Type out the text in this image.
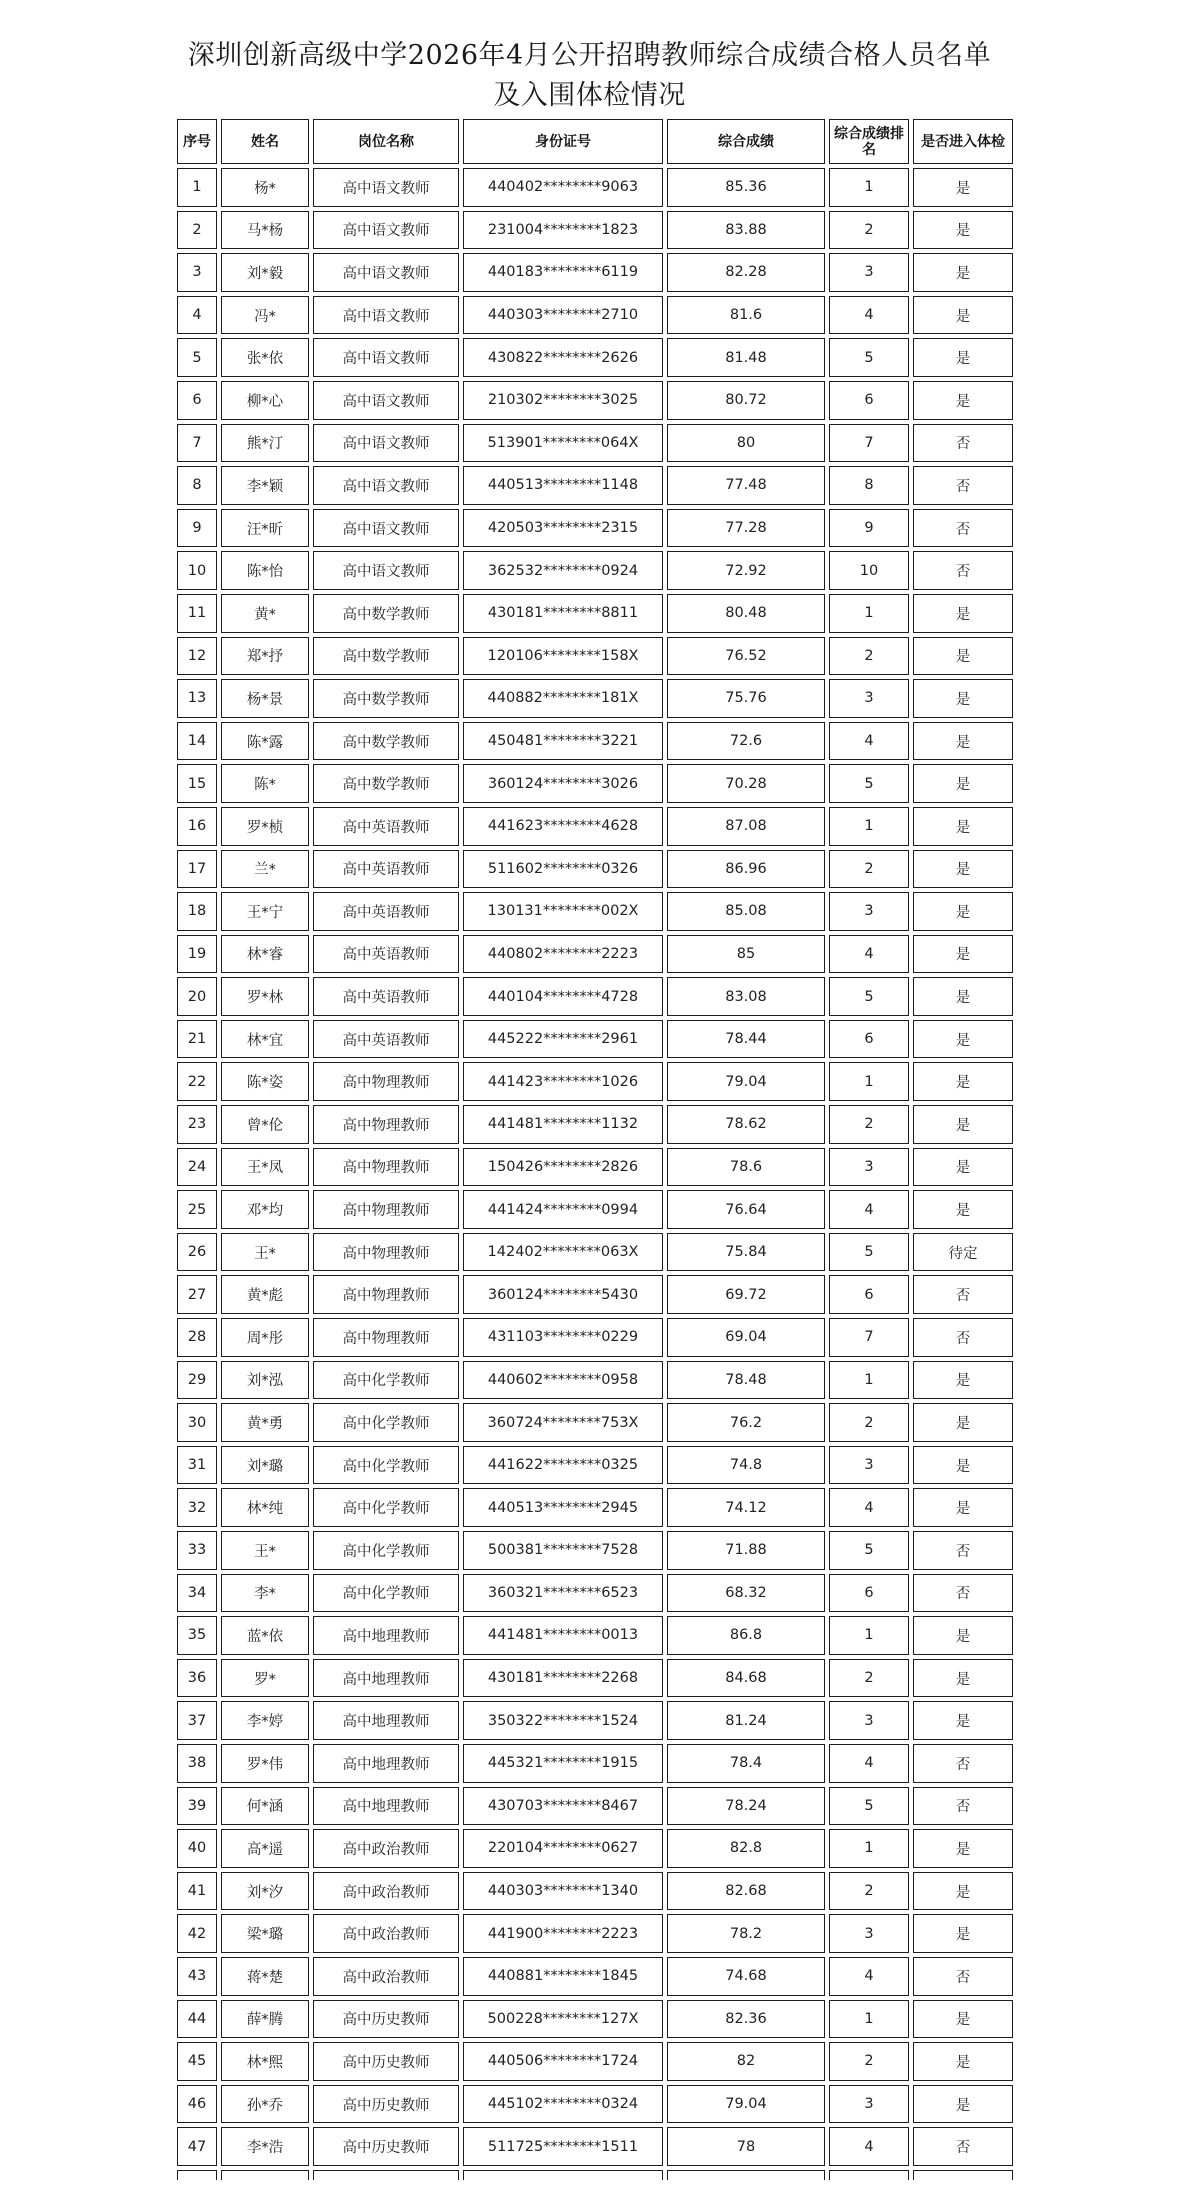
深圳创新高级中学2026年4月公开招聘教师综合成绩合格人员名单
及入围体检情况
序号	姓名	岗位名称	身份证号	综合成绩	综合成绩排名	是否进入体检
1	杨*	高中语文教师	440402********9063	85.36	1	是
2	马*杨	高中语文教师	231004********1823	83.88	2	是
3	刘*毅	高中语文教师	440183********6119	82.28	3	是
4	冯*	高中语文教师	440303********2710	81.6	4	是
5	张*依	高中语文教师	430822********2626	81.48	5	是
6	柳*心	高中语文教师	210302********3025	80.72	6	是
7	熊*汀	高中语文教师	513901********064X	80	7	否
8	李*颖	高中语文教师	440513********1148	77.48	8	否
9	汪*昕	高中语文教师	420503********2315	77.28	9	否
10	陈*怡	高中语文教师	362532********0924	72.92	10	否
11	黄*	高中数学教师	430181********8811	80.48	1	是
12	郑*抒	高中数学教师	120106********158X	76.52	2	是
13	杨*景	高中数学教师	440882********181X	75.76	3	是
14	陈*露	高中数学教师	450481********3221	72.6	4	是
15	陈*	高中数学教师	360124********3026	70.28	5	是
16	罗*桢	高中英语教师	441623********4628	87.08	1	是
17	兰*	高中英语教师	511602********0326	86.96	2	是
18	王*宁	高中英语教师	130131********002X	85.08	3	是
19	林*睿	高中英语教师	440802********2223	85	4	是
20	罗*林	高中英语教师	440104********4728	83.08	5	是
21	林*宜	高中英语教师	445222********2961	78.44	6	是
22	陈*姿	高中物理教师	441423********1026	79.04	1	是
23	曾*伦	高中物理教师	441481********1132	78.62	2	是
24	王*凤	高中物理教师	150426********2826	78.6	3	是
25	邓*均	高中物理教师	441424********0994	76.64	4	是
26	王*	高中物理教师	142402********063X	75.84	5	待定
27	黄*彪	高中物理教师	360124********5430	69.72	6	否
28	周*彤	高中物理教师	431103********0229	69.04	7	否
29	刘*泓	高中化学教师	440602********0958	78.48	1	是
30	黄*勇	高中化学教师	360724********753X	76.2	2	是
31	刘*璐	高中化学教师	441622********0325	74.8	3	是
32	林*纯	高中化学教师	440513********2945	74.12	4	是
33	王*	高中化学教师	500381********7528	71.88	5	否
34	李*	高中化学教师	360321********6523	68.32	6	否
35	蓝*依	高中地理教师	441481********0013	86.8	1	是
36	罗*	高中地理教师	430181********2268	84.68	2	是
37	李*婷	高中地理教师	350322********1524	81.24	3	是
38	罗*伟	高中地理教师	445321********1915	78.4	4	否
39	何*涵	高中地理教师	430703********8467	78.24	5	否
40	高*遥	高中政治教师	220104********0627	82.8	1	是
41	刘*汐	高中政治教师	440303********1340	82.68	2	是
42	梁*璐	高中政治教师	441900********2223	78.2	3	是
43	蒋*楚	高中政治教师	440881********1845	74.68	4	否
44	薛*腾	高中历史教师	500228********127X	82.36	1	是
45	林*熙	高中历史教师	440506********1724	82	2	是
46	孙*乔	高中历史教师	445102********0324	79.04	3	是
47	李*浩	高中历史教师	511725********1511	78	4	否
